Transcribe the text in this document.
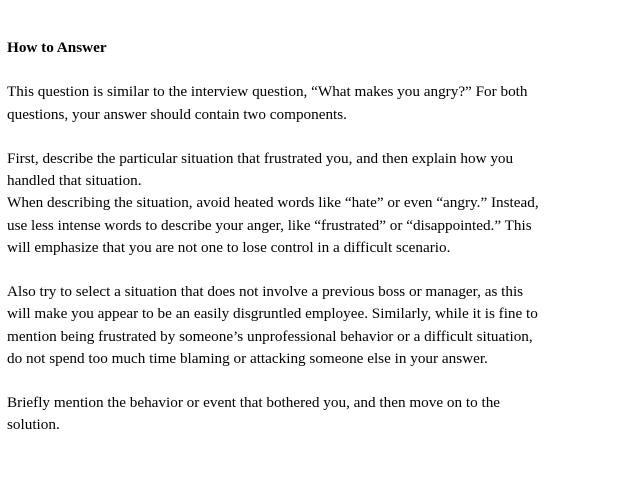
How to Answer
This question is similar to the interview question, “What makes you angry?” For both
questions, your answer should contain two components.
First, describe the particular situation that frustrated you, and then explain how you
handled that situation.
When describing the situation, avoid heated words like “hate” or even “angry.” Instead,
use less intense words to describe your anger, like “frustrated” or “disappointed.” This
will emphasize that you are not one to lose control in a difficult scenario.
Also try to select a situation that does not involve a previous boss or manager, as this
will make you appear to be an easily disgruntled employee. Similarly, while it is fine to
mention being frustrated by someone’s unprofessional behavior or a difficult situation,
do not spend too much time blaming or attacking someone else in your answer.
Briefly mention the behavior or event that bothered you, and then move on to the
solution.
